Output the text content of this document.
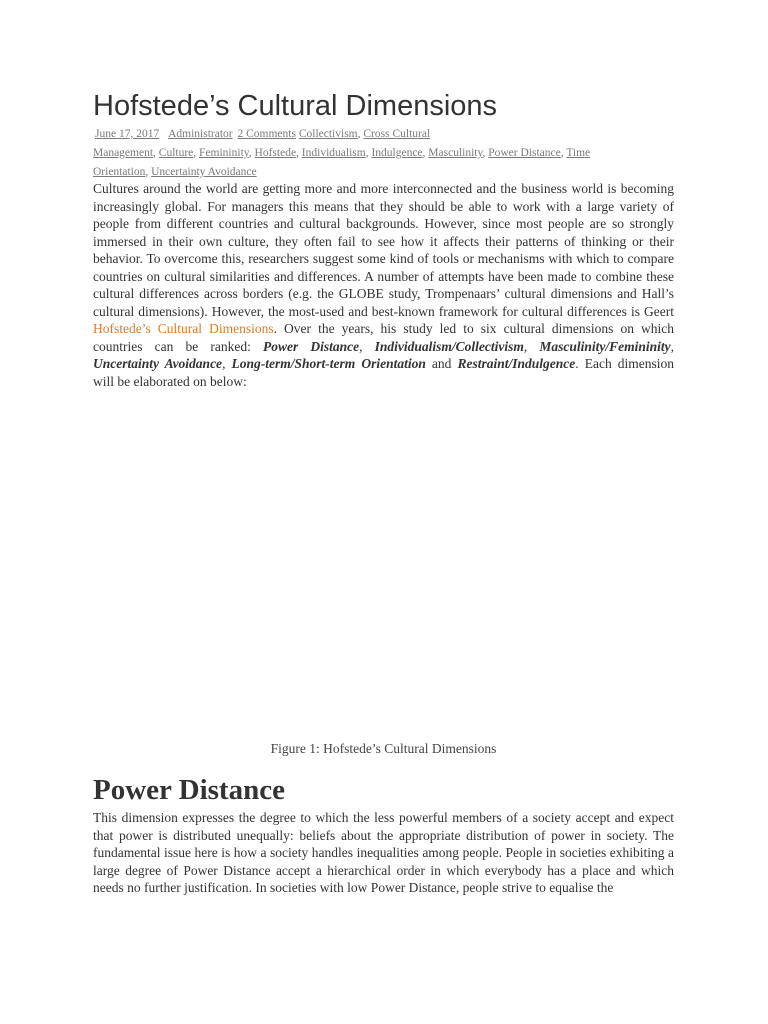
Hofstede’s Cultural Dimensions

June 17, 2017 Administrator 2 Comments Collectivism, Cross Cultural

Management, Culture, Femininity, Hofstede, Individualism, Indulgence, Masculinity, Power Distance, Time

Orientation, Uncertainty Avoidance

Cultures around the world are getting more and more interconnected and the business world is becoming increasingly global. For managers this means that they should be able to work with a large variety of people from different countries and cultural backgrounds. However, since most people are so strongly immersed in their own culture, they often fail to see how it affects their patterns of thinking or their behavior. To overcome this, researchers suggest some kind of tools or mechanisms with which to compare countries on cultural similarities and differences. A number of attempts have been made to combine these cultural differences across borders (e.g. the GLOBE study, Trompenaars’ cultural dimensions and Hall’s cultural dimensions). However, the most-used and best-known framework for cultural differences is Geert Hofstede’s Cultural Dimensions. Over the years, his study led to six cultural dimensions on which countries can be ranked: Power Distance, Individualism/Collectivism, Masculinity/Femininity, Uncertainty Avoidance, Long-term/Short-term Orientation and Restraint/Indulgence. Each dimension will be elaborated on below:

Figure 1: Hofstede’s Cultural Dimensions

Power Distance

This dimension expresses the degree to which the less powerful members of a society accept and expect that power is distributed unequally: beliefs about the appropriate distribution of power in society. The fundamental issue here is how a society handles inequalities among people. People in societies exhibiting a large degree of Power Distance accept a hierarchical order in which everybody has a place and which needs no further justification. In societies with low Power Distance, people strive to equalise the
